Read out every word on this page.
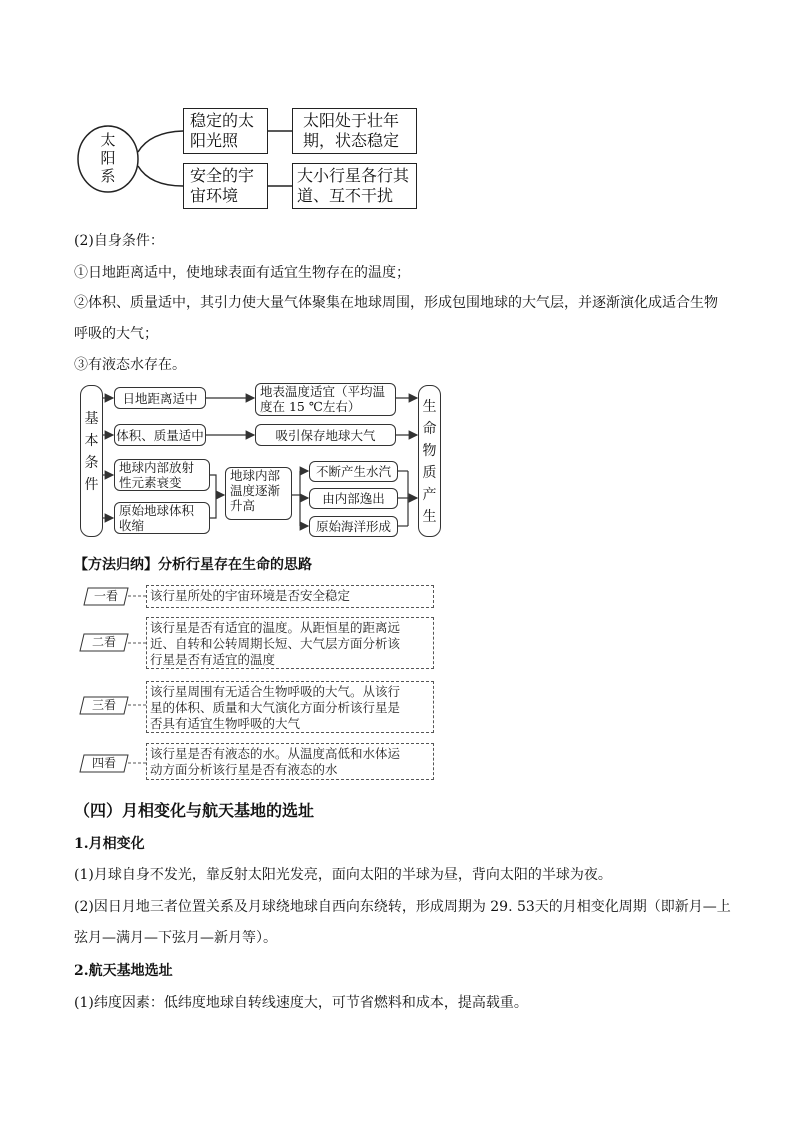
太
阳
系
稳定的太
阳光照
太阳处于壮年
期，状态稳定
安全的宇
宙环境
大小行星各行其
道、互不干扰
(2)自身条件：
①日地距离适中，使地球表面有适宜生物存在的温度；
②体积、质量适中，其引力使大量气体聚集在地球周围，形成包围地球的大气层，并逐渐演化成适合生物
呼吸的大气；
③有液态水存在。
基
本
条
件
生
命
物
质
产
生
日地距离适中	地表温度适宜（平均温
度在 15 ℃左右）
体积、质量适中	吸引保存地球大气
地球内部放射
性元素衰变
原始地球体积
收缩
地球内部
温度逐渐
升高
不断产生水汽
由内部逸出
原始海洋形成
【方法归纳】分析行星存在生命的思路
一看
二看
三看
四看
该行星所处的宇宙环境是否安全稳定
该行星是否有适宜的温度。从距恒星的距离远
近、自转和公转周期长短、大气层方面分析该
行星是否有适宜的温度
该行星周围有无适合生物呼吸的大气。从该行
星的体积、质量和大气演化方面分析该行星是
否具有适宜生物呼吸的大气
该行星是否有液态的水。从温度高低和水体运
动方面分析该行星是否有液态的水
（四）月相变化与航天基地的选址
1.月相变化
(1)月球自身不发光，靠反射太阳光发亮，面向太阳的半球为昼，背向太阳的半球为夜。
(2)因日月地三者位置关系及月球绕地球自西向东绕转，形成周期为 29. 53天的月相变化周期（即新月—上
弦月—满月—下弦月—新月等）。
2.航天基地选址
(1)纬度因素：低纬度地球自转线速度大，可节省燃料和成本，提高载重。
